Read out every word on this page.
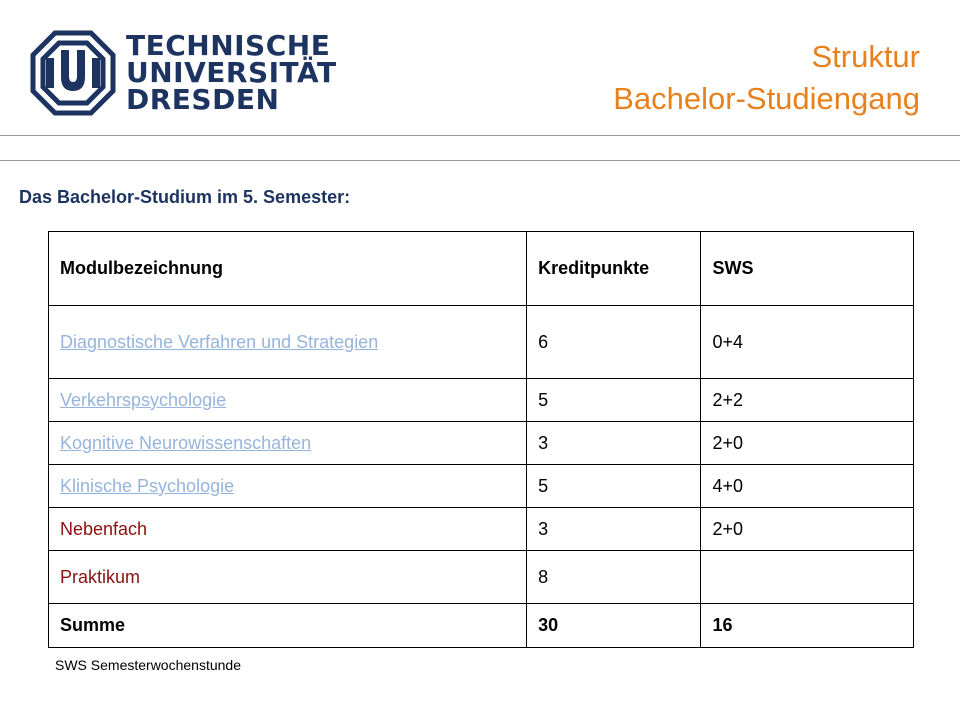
TECHNISCHE
UNIVERSITÄT
DRESDEN
Struktur
Bachelor-Studiengang
Das Bachelor-Studium im 5. Semester:
Modulbezeichnung	Kreditpunkte	SWS
Diagnostische Verfahren und Strategien	6	0+4
Verkehrspsychologie	5	2+2
Kognitive Neurowissenschaften	3	2+0
Klinische Psychologie	5	4+0
Nebenfach	3	2+0
Praktikum	8	
Summe	30	16
SWS Semesterwochenstunde
